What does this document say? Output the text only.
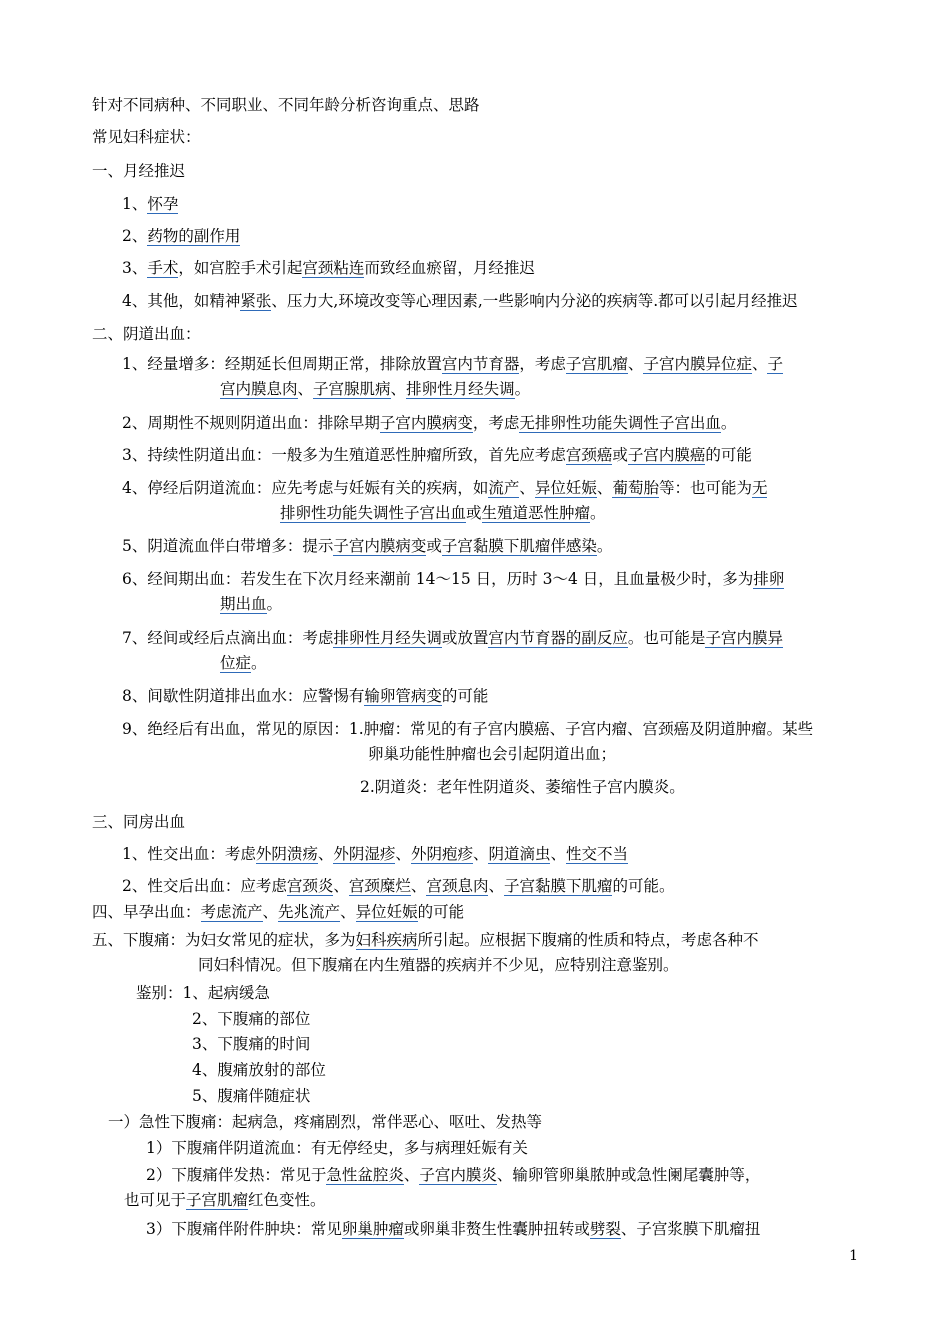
针对不同病种、不同职业、不同年龄分析咨询重点、思路
常见妇科症状：
一、月经推迟
1、怀孕
2、药物的副作用
3、手术，如宫腔手术引起宫颈粘连而致经血瘀留，月经推迟
4、其他，如精神紧张、压力大,环境改变等心理因素,一些影响内分泌的疾病等.都可以引起月经推迟
二、阴道出血：
1、经量增多：经期延长但周期正常，排除放置宫内节育器，考虑子宫肌瘤、子宫内膜异位症、子
宫内膜息肉、子宫腺肌病、排卵性月经失调。
2、周期性不规则阴道出血：排除早期子宫内膜病变，考虑无排卵性功能失调性子宫出血。
3、持续性阴道出血：一般多为生殖道恶性肿瘤所致，首先应考虑宫颈癌或子宫内膜癌的可能
4、停经后阴道流血：应先考虑与妊娠有关的疾病，如流产、异位妊娠、葡萄胎等：也可能为无
排卵性功能失调性子宫出血或生殖道恶性肿瘤。
5、阴道流血伴白带增多：提示子宫内膜病变或子宫黏膜下肌瘤伴感染。
6、经间期出血：若发生在下次月经来潮前 14～15 日，历时 3～4 日，且血量极少时，多为排卵
期出血。
7、经间或经后点滴出血：考虑排卵性月经失调或放置宫内节育器的副反应。也可能是子宫内膜异
位症。
8、间歇性阴道排出血水：应警惕有输卵管病变的可能
9、绝经后有出血，常见的原因：1.肿瘤：常见的有子宫内膜癌、子宫内瘤、宫颈癌及阴道肿瘤。某些
卵巢功能性肿瘤也会引起阴道出血；
2.阴道炎：老年性阴道炎、萎缩性子宫内膜炎。
三、同房出血
1、性交出血：考虑外阴溃疡、外阴湿疹、外阴疱疹、阴道滴虫、性交不当
2、性交后出血：应考虑宫颈炎、宫颈糜烂、宫颈息肉、子宫黏膜下肌瘤的可能。
四、早孕出血：考虑流产、先兆流产、异位妊娠的可能
五、下腹痛：为妇女常见的症状，多为妇科疾病所引起。应根据下腹痛的性质和特点，考虑各种不
同妇科情况。但下腹痛在内生殖器的疾病并不少见，应特别注意鉴别。
鉴别：1、起病缓急
2、下腹痛的部位
3、下腹痛的时间
4、腹痛放射的部位
5、腹痛伴随症状
一）急性下腹痛：起病急，疼痛剧烈，常伴恶心、呕吐、发热等
1）下腹痛伴阴道流血：有无停经史，多与病理妊娠有关
2）下腹痛伴发热：常见于急性盆腔炎、子宫内膜炎、输卵管卵巢脓肿或急性阑尾囊肿等，
也可见于子宫肌瘤红色变性。
3）下腹痛伴附件肿块：常见卵巢肿瘤或卵巢非赘生性囊肿扭转或劈裂、子宫浆膜下肌瘤扭
1
